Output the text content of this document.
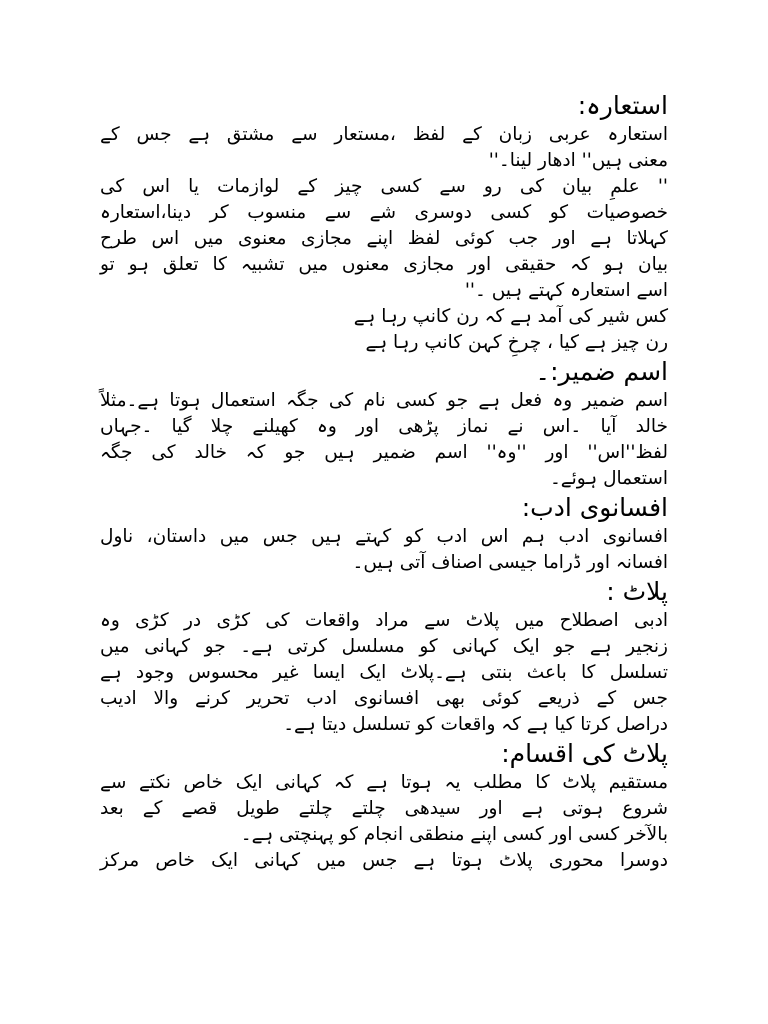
استعارہ:
استعارہ عربی زبان کے لفظ ،مستعار سے مشتق ہے جس کے
معنی ہیں'' ادھار لینا۔''
'' علمِ بیان کی رو سے کسی چیز کے لوازمات یا اس کی
خصوصیات کو کسی دوسری شے سے منسوب کر دینا،استعارہ
کہلاتا ہے اور جب کوئی لفظ اپنے مجازی معنوی میں اس طرح
بیان ہو کہ حقیقی اور مجازی معنوں میں تشبیہ کا تعلق ہو تو
اسے استعارہ کہتے ہیں ۔''
کس شیر کی آمد ہے کہ رن کانپ رہا ہے
رن چیز ہے کیا ، چرخِ کہن کانپ رہا ہے
اسم ضمیر:۔
اسم ضمیر وہ فعل ہے جو کسی نام کی جگہ استعمال ہوتا ہے۔مثلاً
خالد آیا ۔اس نے نماز پڑھی اور وہ کھیلنے چلا گیا ۔جہاں
لفظ''اس'' اور ''وہ'' اسم ضمیر ہیں جو کہ خالد کی جگہ
استعمال ہوئے۔
افسانوی ادب:
افسانوی ادب ہم اس ادب کو کہتے ہیں جس میں داستان، ناول
افسانہ اور ڈراما جیسی اصناف آتی ہیں۔
پلاٹ :
ادبی اصطلاح میں پلاٹ سے مراد واقعات کی کڑی در کڑی وہ
زنجیر ہے جو ایک کہانی کو مسلسل کرتی ہے۔ جو کہانی میں
تسلسل کا باعث بنتی ہے۔پلاٹ ایک ایسا غیر محسوس وجود ہے
جس کے ذریعے کوئی بھی افسانوی ادب تحریر کرنے والا ادیب
دراصل کرتا کیا ہے کہ واقعات کو تسلسل دیتا ہے۔
پلاٹ کی اقسام:
مستقیم پلاٹ کا مطلب یہ ہوتا ہے کہ کہانی ایک خاص نکتے سے
شروع ہوتی ہے اور سیدھی چلتے چلتے طویل قصے کے بعد
بالآخر کسی اور کسی اپنے منطقی انجام کو پہنچتی ہے۔
دوسرا محوری پلاٹ ہوتا ہے جس میں کہانی ایک خاص مرکز
